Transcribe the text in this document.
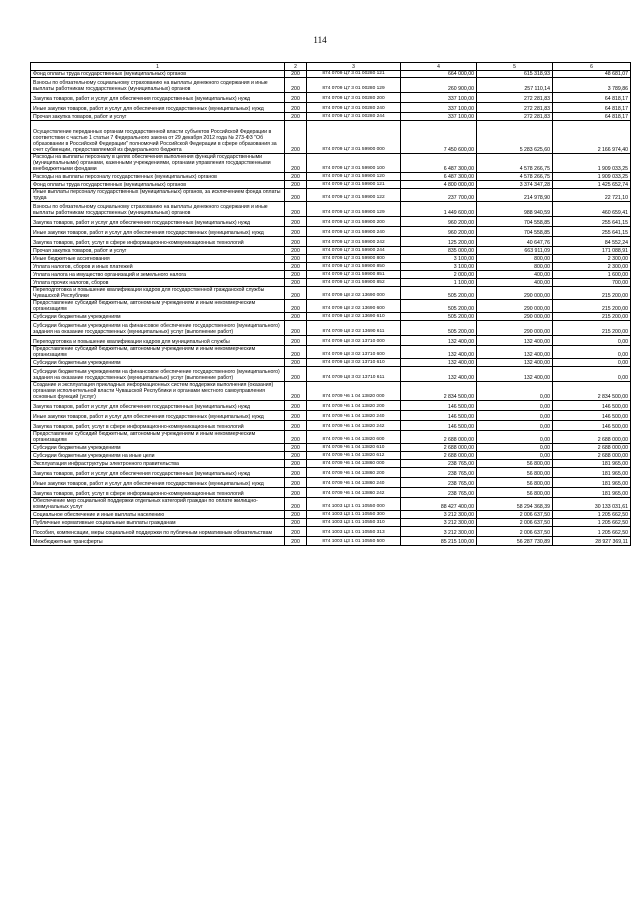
114
1	2	3	4	5	6
Фонд оплаты труда государственных (муниципальных) органов	200	874 0709 Ц7 3 01 00280 121	664 000,00	615 318,93	48 681,07
Взносы по обязательному социальному страхованию на выплаты денежного содержания и иные выплаты работникам государственных (муниципальных) органов	200	874 0709 Ц7 3 01 00280 129	260 900,00	257 110,14	3 789,86
Закупка товаров, работ и услуг для обеспечения государственных (муниципальных) нужд	200	874 0709 Ц7 3 01 00280 200	337 100,00	272 281,83	64 818,17
Иные закупки товаров, работ и услуг для обеспечения государственных (муниципальных) нужд	200	874 0709 Ц7 3 01 00280 240	337 100,00	272 281,83	64 818,17
Прочая закупка товаров, работ и услуг	200	874 0709 Ц7 3 01 00280 244	337 100,00	272 281,83	64 818,17
Осуществление переданных органам государственной власти субъектов Российской Федерации в соответствии с частью 1 статьи 7 Федерального закона от 29 декабря 2012 года № 273-ФЗ "Об образовании в Российской Федерации" полномочий Российской Федерации в сфере образования за счет субвенции, предоставляемой из федерального бюджета	200	874 0709 Ц7 3 01 59900 000	7 450 600,00	5 283 625,60	2 166 974,40
Расходы на выплаты персоналу в целях обеспечения выполнения функций государственными (муниципальными) органами, казенными учреждениями, органами управления государственными внебюджетными фондами	200	874 0709 Ц7 3 01 59900 100	6 487 300,00	4 578 266,75	1 909 033,25
Расходы на выплаты персоналу государственных (муниципальных) органов	200	874 0709 Ц7 3 01 59900 120	6 487 300,00	4 578 266,75	1 909 033,25
Фонд оплаты труда государственных (муниципальных) органов	200	874 0709 Ц7 3 01 59900 121	4 800 000,00	3 374 347,28	1 425 652,74
Иные выплаты персоналу государственных (муниципальных) органов, за исключением фонда оплаты труда	200	874 0709 Ц7 3 01 59900 122	237 700,00	214 978,90	22 721,10
Взносы по обязательному социальному страхованию на выплаты денежного содержания и иные выплаты работникам государственных (муниципальных) органов	200	874 0709 Ц7 3 01 59900 129	1 449 600,00	988 940,59	460 659,41
Закупка товаров, работ и услуг для обеспечения государственных (муниципальных) нужд	200	874 0709 Ц7 3 01 59900 200	960 200,00	704 558,85	255 641,15
Иные закупки товаров, работ и услуг для обеспечения государственных (муниципальных) нужд	200	874 0709 Ц7 3 01 59900 240	960 200,00	704 558,85	255 641,15
Закупка товаров, работ, услуг в сфере информационно-коммуникационных технологий	200	874 0709 Ц7 3 01 59900 242	125 200,00	40 647,76	84 552,24
Прочая закупка товаров, работ и услуг	200	874 0709 Ц7 3 01 59900 244	835 000,00	663 911,09	171 088,91
Иные бюджетные ассигнования	200	874 0709 Ц7 3 01 59900 800	3 100,00	800,00	2 300,00
Уплата налогов, сборов и иных платежей	200	874 0709 Ц7 3 01 59900 850	3 100,00	800,00	2 300,00
Уплата налога на имущество организаций и земельного налога	200	874 0709 Ц7 3 01 59900 851	2 000,00	400,00	1 600,00
Уплата прочих налогов, сборов	200	874 0709 Ц7 3 01 59900 852	1 100,00	400,00	700,00
Переподготовка и повышение квалификации кадров для государственной гражданской службы Чувашской Республики	200	874 0709 Ц8 2 02 13690 000	505 200,00	290 000,00	215 200,00
Предоставление субсидий бюджетным, автономным учреждениям и иным некоммерческим организациям	200	874 0709 Ц8 2 02 13690 600	505 200,00	290 000,00	215 200,00
Субсидии бюджетным учреждениям	200	874 0709 Ц8 2 02 13690 610	505 200,00	290 000,00	215 200,00
Субсидии бюджетным учреждениям на финансовое обеспечение государственного (муниципального) задания на оказание государственных (муниципальных) услуг (выполнение работ)	200	874 0709 Ц8 2 02 13690 611	505 200,00	290 000,00	215 200,00
Переподготовка и повышение квалификации кадров для муниципальной службы	200	874 0709 Ц8 3 02 13710 000	132 400,00	132 400,00	0,00
Предоставление субсидий бюджетным, автономным учреждениям и иным некоммерческим организациям	200	874 0709 Ц8 3 02 13710 600	132 400,00	132 400,00	0,00
Субсидии бюджетным учреждениям	200	874 0709 Ц8 3 02 13710 610	132 400,00	132 400,00	0,00
Субсидии бюджетным учреждениям на финансовое обеспечение государственного (муниципального) задания на оказание государственных (муниципальных) услуг (выполнение работ)	200	874 0709 Ц8 3 02 13710 611	132 400,00	132 400,00	0,00
Создание и эксплуатация прикладных информационных систем поддержки выполнения (оказания) органами исполнительной власти Чувашской Республики и органами местного самоуправления основных функций (услуг)	200	874 0709 Ч6 1 04 13820 000	2 834 500,00	0,00	2 834 500,00
Закупка товаров, работ и услуг для обеспечения государственных (муниципальных) нужд	200	874 0709 Ч6 1 04 13820 200	146 500,00	0,00	146 500,00
Иные закупки товаров, работ и услуг для обеспечения государственных (муниципальных) нужд	200	874 0709 Ч6 1 04 13820 240	146 500,00	0,00	146 500,00
Закупка товаров, работ, услуг в сфере информационно-коммуникационных технологий	200	874 0709 Ч6 1 04 13820 242	146 500,00	0,00	146 500,00
Предоставление субсидий бюджетным, автономным учреждениям и иным некоммерческим организациям	200	874 0709 Ч6 1 04 13820 600	2 688 000,00	0,00	2 688 000,00
Субсидии бюджетным учреждениям	200	874 0709 Ч6 1 04 13820 610	2 688 000,00	0,00	2 688 000,00
Субсидии бюджетным учреждениям на иные цели	200	874 0709 Ч6 1 04 13820 612	2 688 000,00	0,00	2 688 000,00
Эксплуатация инфраструктуры электронного правительства	200	874 0709 Ч6 1 04 13860 000	238 765,00	56 800,00	181 965,00
Закупка товаров, работ и услуг для обеспечения государственных (муниципальных) нужд	200	874 0709 Ч6 1 04 13860 200	238 765,00	56 800,00	181 965,00
Иные закупки товаров, работ и услуг для обеспечения государственных (муниципальных) нужд	200	874 0709 Ч6 1 04 13860 240	238 765,00	56 800,00	181 965,00
Закупка товаров, работ, услуг в сфере информационно-коммуникационных технологий	200	874 0709 Ч6 1 04 13860 242	238 765,00	56 800,00	181 965,00
Обеспечение мер социальной поддержки отдельных категорий граждан по оплате жилищно-коммунальных услуг	200	874 1003 Ц3 1 01 10550 000	88 427 400,00	58 294 368,39	30 133 031,61
Социальное обеспечение и иные выплаты населению	200	874 1003 Ц3 1 01 10550 300	3 212 300,00	2 006 637,50	1 205 662,50
Публичные нормативные социальные выплаты гражданам	200	874 1003 Ц3 1 01 10550 310	3 212 300,00	2 006 637,50	1 205 662,50
Пособия, компенсации, меры социальной поддержки по публичным нормативным обязательствам	200	874 1003 Ц3 1 01 10550 313	3 212 300,00	2 006 637,50	1 205 662,50
Межбюджетные трансферты	200	874 1003 Ц3 1 01 10550 500	85 215 100,00	56 287 730,89	28 927 369,11
